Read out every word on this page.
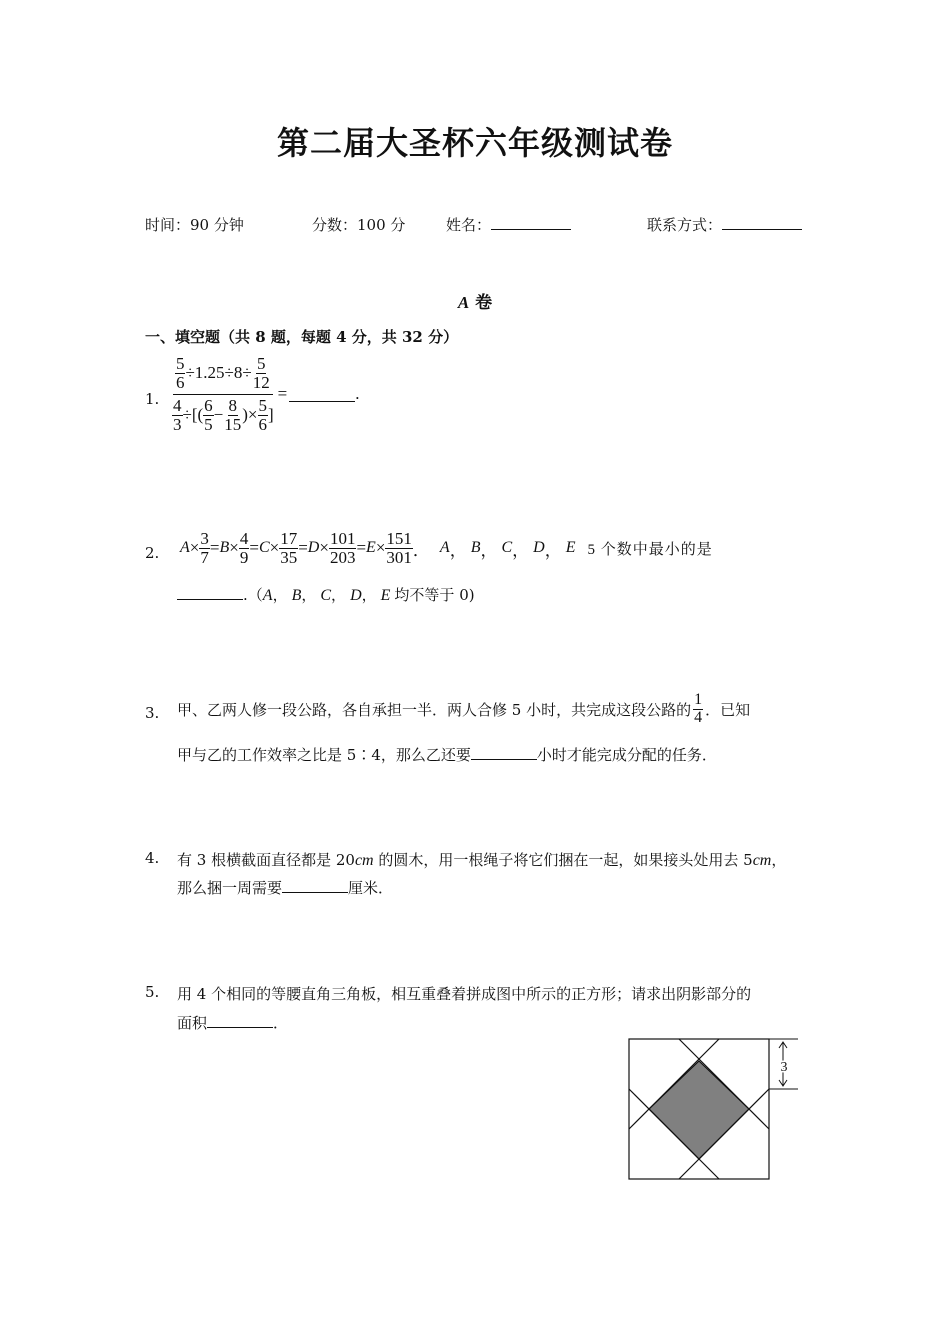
第二届大圣杯六年级测试卷
时间：90 分钟	分数：100 分	姓名：	联系方式：
A 卷
一、填空题（共 8 题，每题 4 分，共 32 分）
1.
$\frac{5}{6} \div 1.25\div 8\div \frac{5}{12}$
$\frac{4}{3}$ ÷[( $\frac{6}{5} - \frac{8}{15}$ )× $\frac{5}{6}$ ]
=	.
2. $A \times \frac{3}{7} = B \times \frac{4}{9} = C \times \frac{17}{35} = D \times \frac{101}{203} = E \times \frac{151}{301}$ ． A ， B ， C ， D ， E 5 个数中最小的是
.（ A ， B ， C ， D ， E 均不等于 0)
3. 甲、乙两人修一段公路，各自承担一半．两人合修 5 小时，共完成这段公路的 $\frac{1}{4}$ ．已知
甲与乙的工作效率之比是 5∶4，那么乙还要	小时才能完成分配的任务．
4. 有 3 根横截面直径都是 20cm 的圆木，用一根绳子将它们捆在一起，如果接头处用去 5cm，
那么捆一周需要	厘米．
5. 用 4 个相同的等腰直角三角板，相互重叠着拼成图中所示的正方形；请求出阴影部分的
面积	．
3
